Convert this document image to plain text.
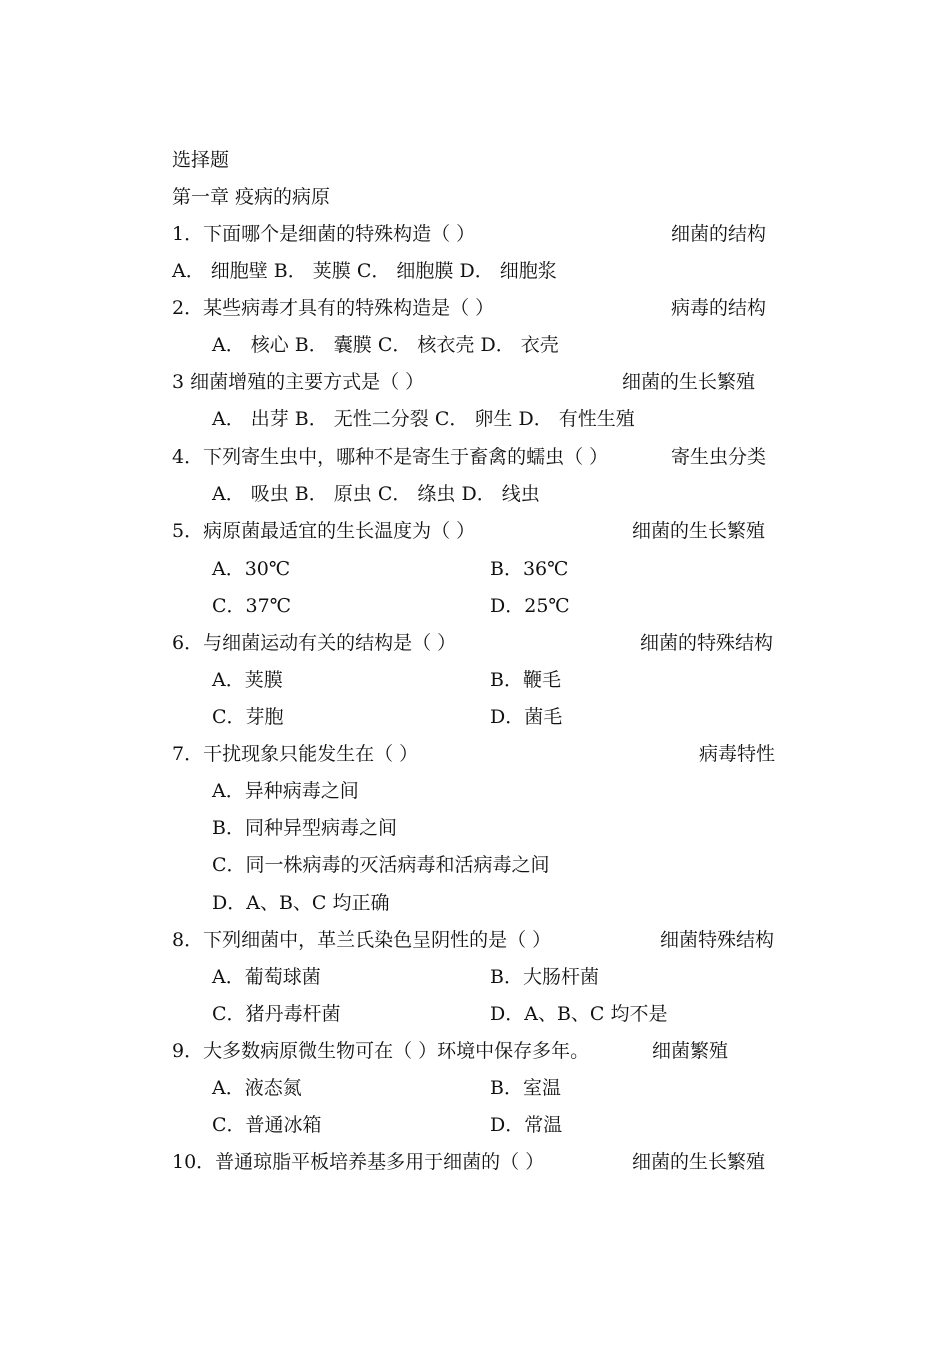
选择题
第一章 疫病的病原
1．下面哪个是细菌的特殊构造（ ）	细菌的结构
A． 细胞壁 B． 荚膜 C． 细胞膜 D． 细胞浆
2．某些病毒才具有的特殊构造是（ ）	病毒的结构
A． 核心 B． 囊膜 C． 核衣壳 D． 衣壳
3 细菌增殖的主要方式是（ ）	细菌的生长繁殖
A． 出芽 B． 无性二分裂 C． 卵生 D． 有性生殖
4．下列寄生虫中，哪种不是寄生于畜禽的蠕虫（ ）	寄生虫分类
A． 吸虫 B． 原虫 C． 绦虫 D． 线虫
5．病原菌最适宜的生长温度为（ ）	细菌的生长繁殖
A．30℃	B．36℃
C．37℃	D．25℃
6．与细菌运动有关的结构是（ ）	细菌的特殊结构
A．荚膜	B．鞭毛
C．芽胞	D．菌毛
7．干扰现象只能发生在（ ）	病毒特性
A．异种病毒之间
B．同种异型病毒之间
C．同一株病毒的灭活病毒和活病毒之间
D．A、B、C 均正确
8．下列细菌中，革兰氏染色呈阴性的是（ ）	细菌特殊结构
A．葡萄球菌	B．大肠杆菌
C．猪丹毒杆菌	D．A、B、C 均不是
9．大多数病原微生物可在（ ）环境中保存多年。	细菌繁殖
A．液态氮	B．室温
C．普通冰箱	D．常温
10．普通琼脂平板培养基多用于细菌的（ ）	细菌的生长繁殖
